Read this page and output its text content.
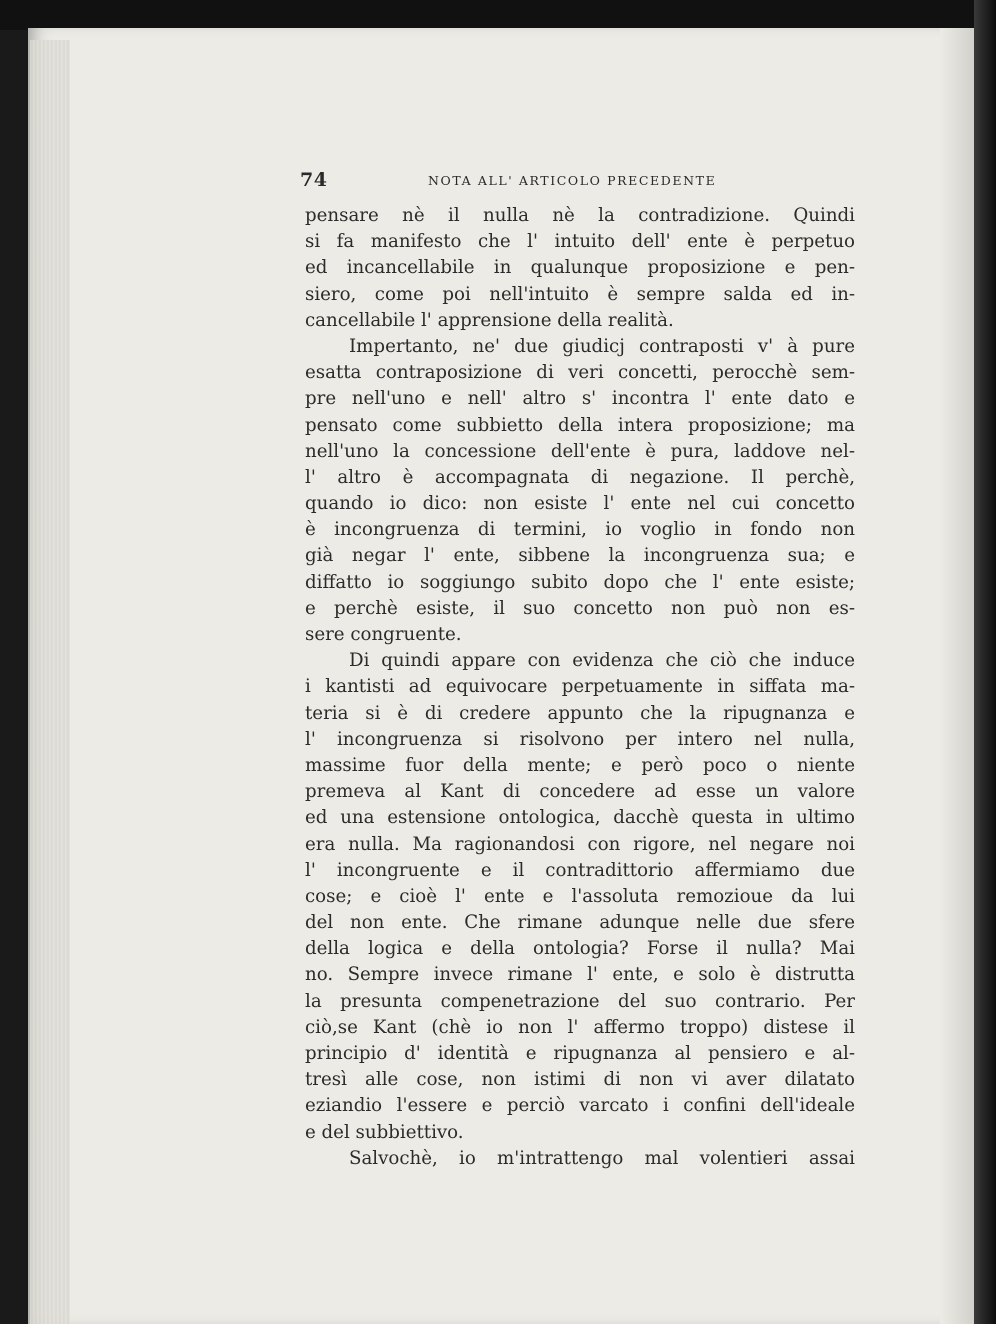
74	NOTA ALL' ARTICOLO PRECEDENTE
pensare nè il nulla nè la contradizione. Quindi
si fa manifesto che l' intuito dell' ente è perpetuo
ed incancellabile in qualunque proposizione e pen-
siero, come poi nell'intuito è sempre salda ed in-
cancellabile l' apprensione della realità.
Impertanto, ne' due giudicj contraposti v' à pure
esatta contraposizione di veri concetti, perocchè sem-
pre nell'uno e nell' altro s' incontra l' ente dato e
pensato come subbietto della intera proposizione; ma
nell'uno la concessione dell'ente è pura, laddove nel-
l' altro è accompagnata di negazione. Il perchè,
quando io dico: non esiste l' ente nel cui concetto
è incongruenza di termini, io voglio in fondo non
già negar l' ente, sibbene la incongruenza sua; e
diffatto io soggiungo subito dopo che l' ente esiste;
e perchè esiste, il suo concetto non può non es-
sere congruente.
Di quindi appare con evidenza che ciò che induce
i kantisti ad equivocare perpetuamente in siffata ma-
teria si è di credere appunto che la ripugnanza e
l' incongruenza si risolvono per intero nel nulla,
massime fuor della mente; e però poco o niente
premeva al Kant di concedere ad esse un valore
ed una estensione ontologica, dacchè questa in ultimo
era nulla. Ma ragionandosi con rigore, nel negare noi
l' incongruente e il contradittorio affermiamo due
cose; e cioè l' ente e l'assoluta remozioue da lui
del non ente. Che rimane adunque nelle due sfere
della logica e della ontologia? Forse il nulla? Mai
no. Sempre invece rimane l' ente, e solo è distrutta
la presunta compenetrazione del suo contrario. Per
ciò,se Kant (chè io non l' affermo troppo) distese il
principio d' identità e ripugnanza al pensiero e al-
tresì alle cose, non istimi di non vi aver dilatato
eziandio l'essere e perciò varcato i confini dell'ideale
e del subbiettivo.
Salvochè, io m'intrattengo mal volentieri assai
